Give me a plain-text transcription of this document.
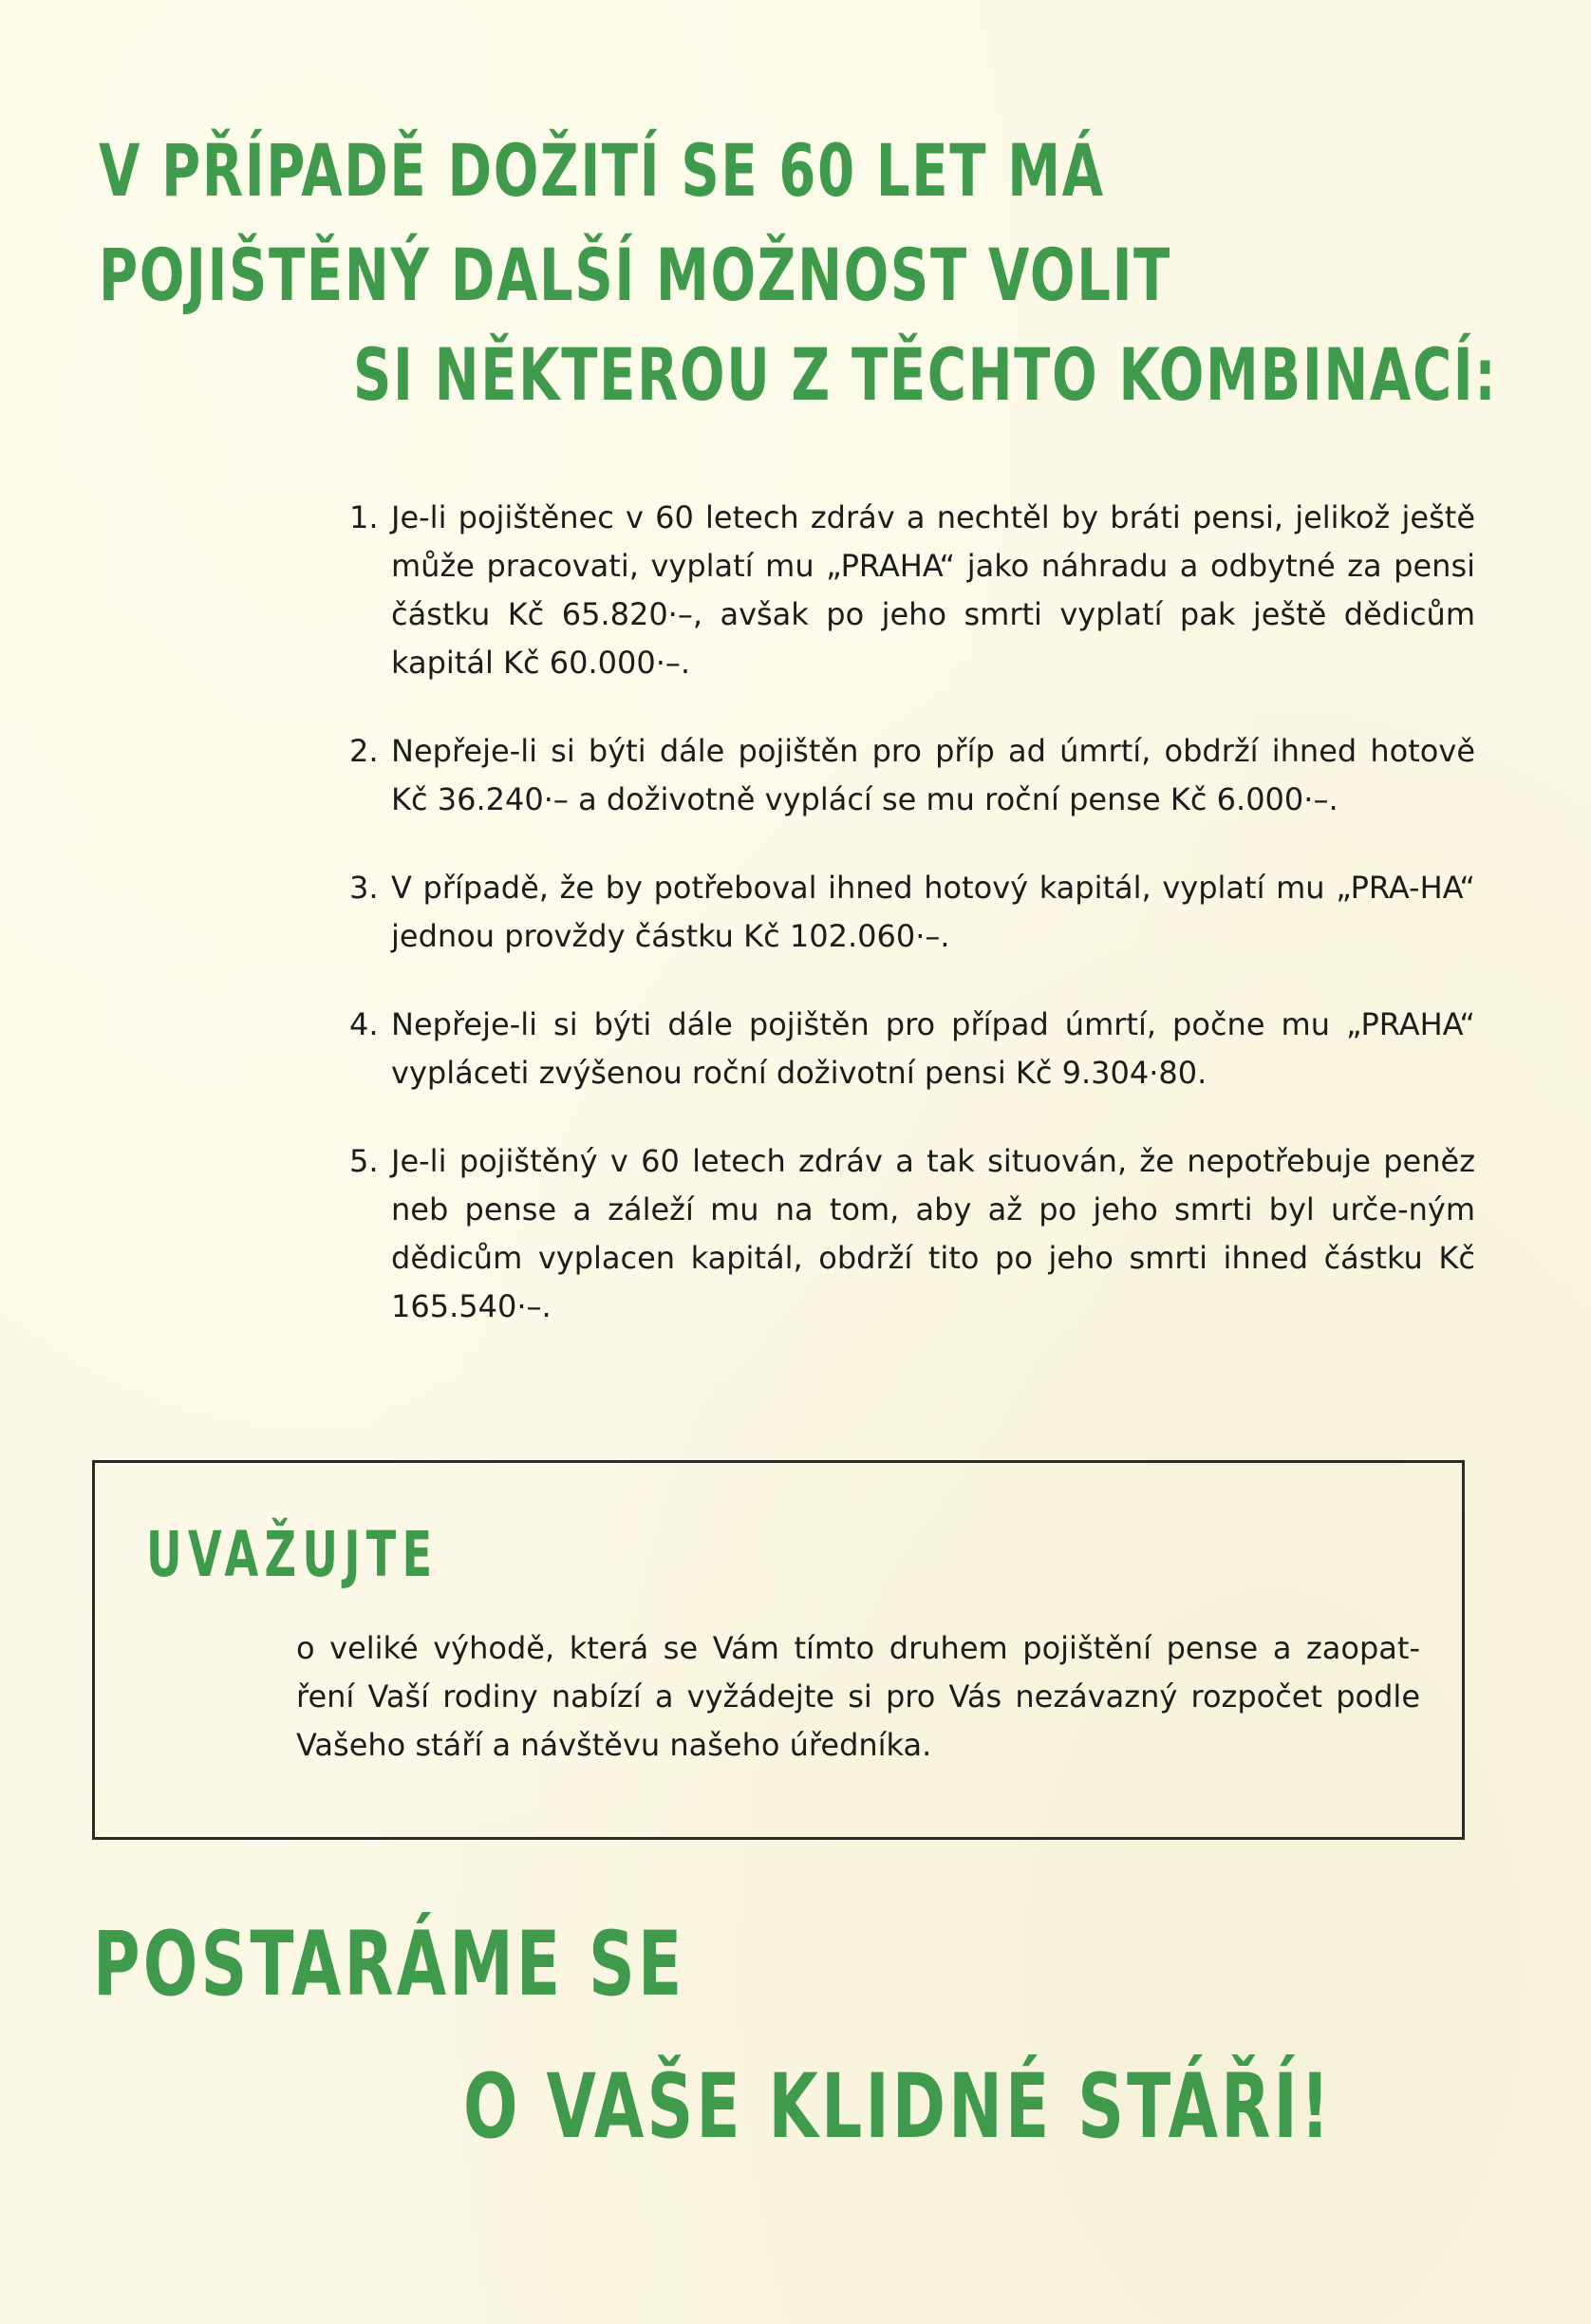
V PŘÍPADĚ DOŽITÍ SE 60 LET MÁ
POJIŠTĚNÝ DALŠÍ MOŽNOST VOLIT
SI NĚKTEROU Z TĚCHTO KOMBINACÍ:
1. Je-li pojištěnec v 60 letech zdráv a nechtěl by bráti pensi, jelikož ještě může pracovati, vyplatí mu „PRAHA“ jako náhradu a odbytné za pensi částku Kč 65.820·–, avšak po jeho smrti vyplatí pak ještě dědicům kapitál Kč 60.000·–.
2. Nepřeje-li si býti dále pojištěn pro příp ad úmrtí, obdrží ihned hotově Kč 36.240·– a doživotně vyplácí se mu roční pense Kč 6.000·–.
3. V případě, že by potřeboval ihned hotový kapitál, vyplatí mu „PRA-HA“ jednou provždy částku Kč 102.060·–.
4. Nepřeje-li si býti dále pojištěn pro případ úmrtí, počne mu „PRAHA“ vypláceti zvýšenou roční doživotní pensi Kč 9.304·80.
5. Je-li pojištěný v 60 letech zdráv a tak situován, že nepotřebuje peněz neb pense a záleží mu na tom, aby až po jeho smrti byl urče-ným dědicům vyplacen kapitál, obdrží tito po jeho smrti ihned částku Kč 165.540·–.
UVAŽUJTE

o veliké výhodě, která se Vám tímto druhem pojištění pense a zaopat-ření Vaší rodiny nabízí a vyžádejte si pro Vás nezávazný rozpočet podle Vašeho stáří a návštěvu našeho úředníka.

POSTARÁME SE
O VAŠE KLIDNÉ STÁŘÍ!
